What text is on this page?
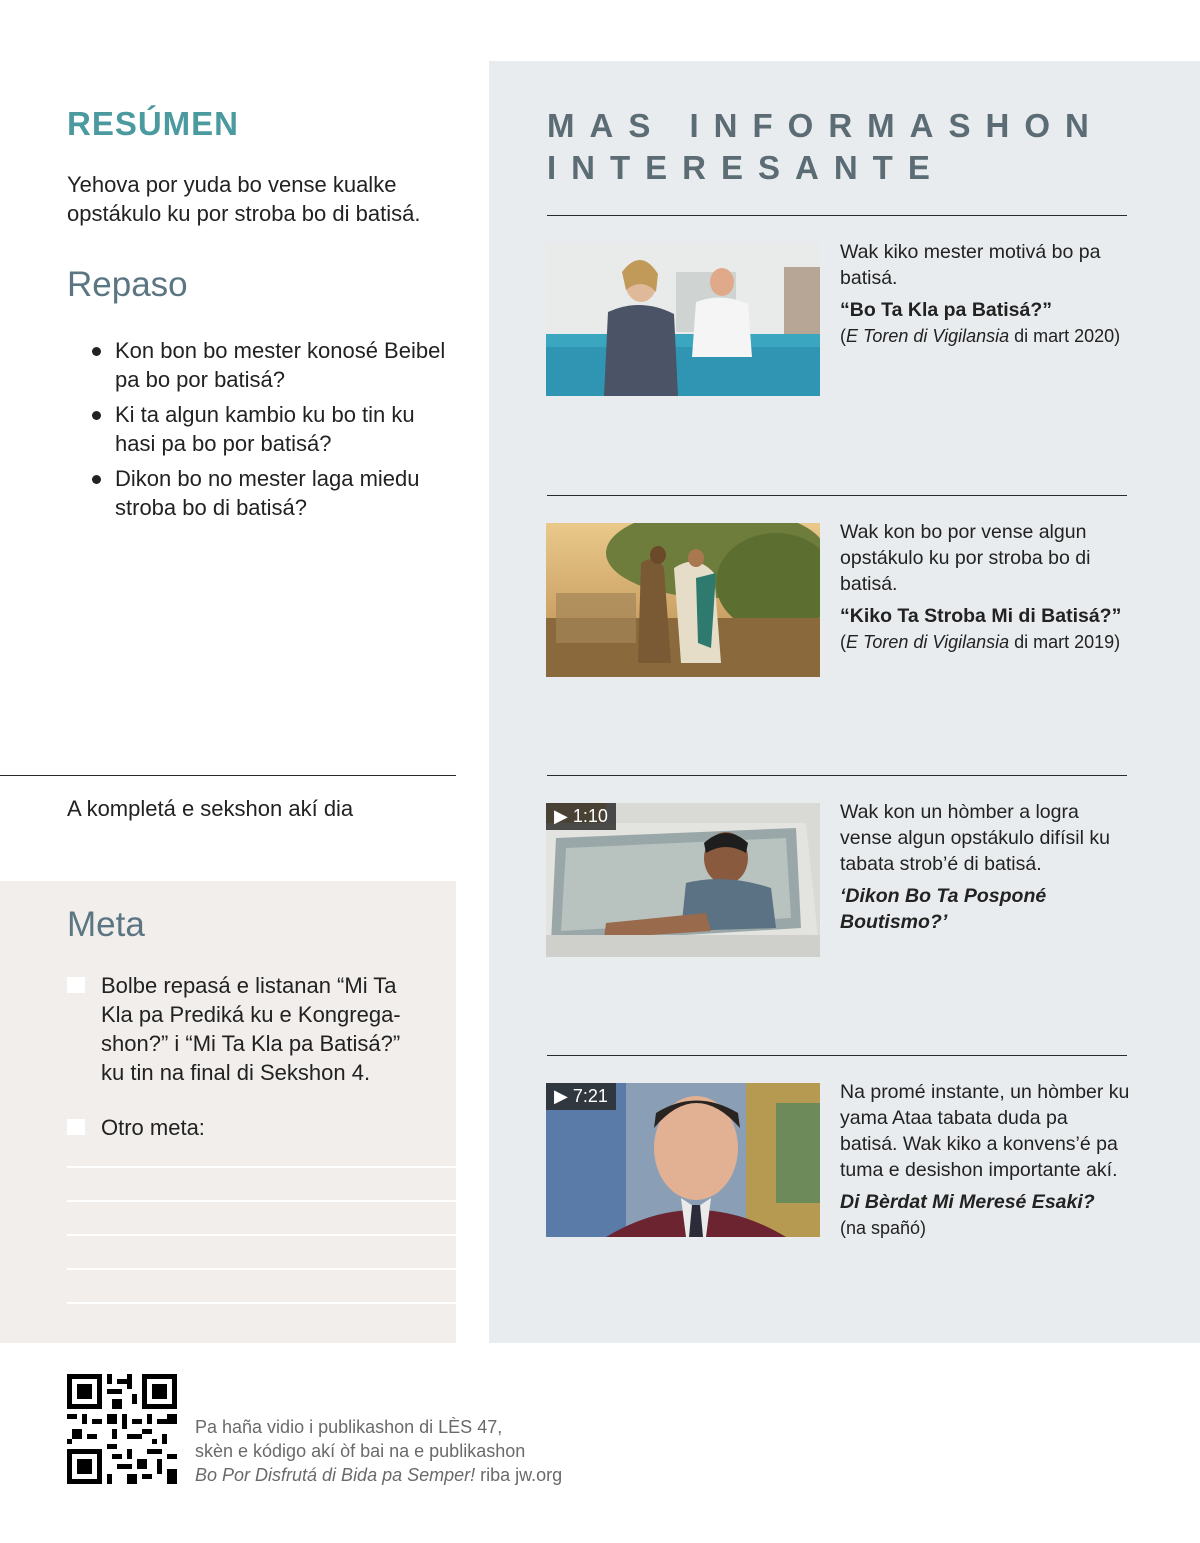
MAS INFORMASHON
INTERESANTE
Wak kiko mester motivá bo pa batisá.
“Bo Ta Kla pa Batisá?”
(E Toren di Vigilansia di mart 2020)
Wak kon bo por vense algun opstákulo ku por stroba bo di batisá.
“Kiko Ta Stroba Mi di Batisá?”
(E Toren di Vigilansia di mart 2019)
▶ 1:10	Wak kon un hòmber a logra vense algun opstákulo difísil ku tabata strob’é di batisá.
‘Dikon Bo Ta Posponé Boutismo?’
▶ 7:21	Na promé instante, un hòmber ku yama Ataa tabata duda pa batisá. Wak kiko a konvens’é pa tuma e desishon importante akí.
Di Bèrdat Mi Meresé Esaki?
(na spañó)
RESÚMEN
Yehova por yuda bo vense kualke opstákulo ku por stroba bo di batisá.
Repaso
Kon bon bo mester konosé Beibel pa bo por batisá?
Ki ta algun kambio ku bo tin ku hasi pa bo por batisá?
Dikon bo no mester laga miedu stroba bo di batisá?
A kompletá e sekshon akí dia
Meta
Bolbe repasá e listanan “Mi Ta Kla pa Prediká ku e Kongrega-shon?” i “Mi Ta Kla pa Batisá?” ku tin na final di Sekshon 4.
Otro meta:
Pa haña vidio i publikashon di LÈS 47,
skèn e kódigo akí òf bai na e publikashon
Bo Por Disfrutá di Bida pa Semper! riba jw.org
